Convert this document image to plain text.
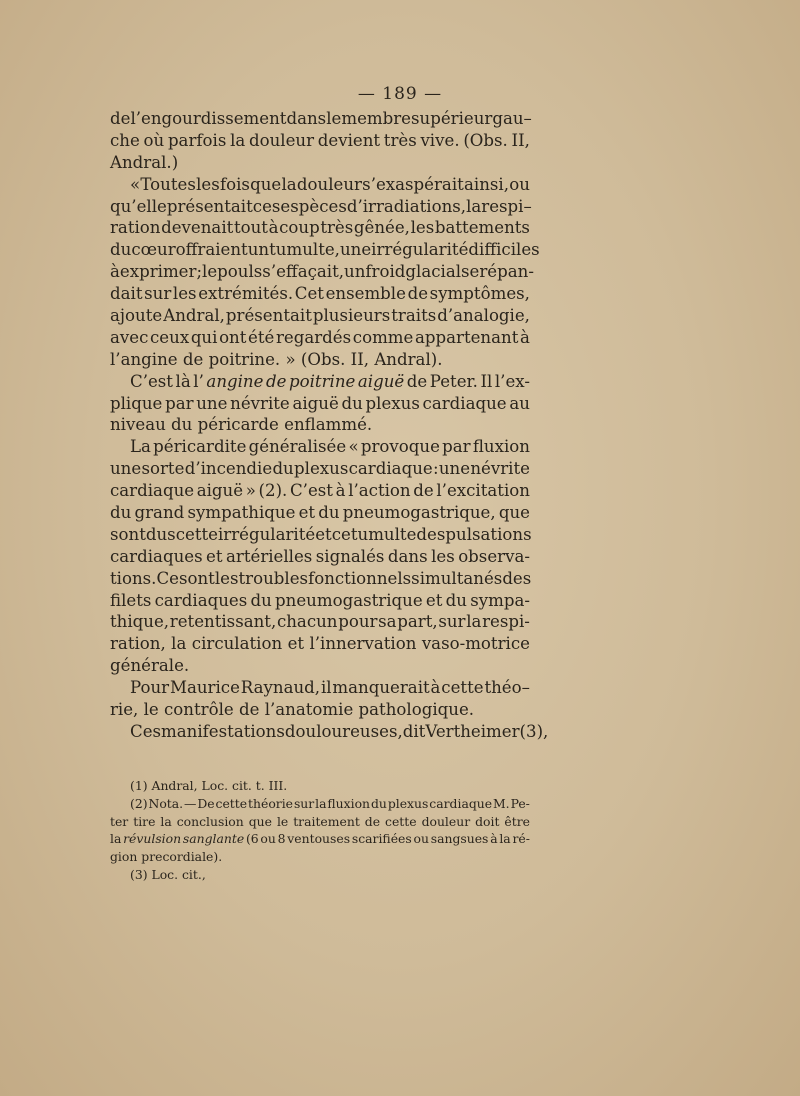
— 189 —
de l’engourdissement dans le membre supérieur gau–
che où parfois la douleur devient très vive. (Obs. II,
Andral.)
« Toutes les fois que la douleur s’exaspérait ainsi, ou
qu’elle présentait ces espèces d’irradiations, la respi–
ration devenait tout à coup très gênée, les battements
du cœur offraient un tumulte, une irrégularité difficiles
à exprimer ; le pouls s’effaçait, un froid glacial se répan-
dait sur les extrémités. Cet ensemble de symptômes,
ajoute Andral, présentait plusieurs traits d’analogie,
avec ceux qui ont été regardés comme appartenant à
l’angine de poitrine. » (Obs. II, Andral).
C’est là l’ angine de poitrine aiguë de Peter. Il l’ex-
plique par une névrite aiguë du plexus cardiaque au
niveau du péricarde enflammé.
La péricardite généralisée « provoque par fluxion
une sorte d’incendie du plexus cardiaque : une névrite
cardiaque aiguë » (2). C’est à l’action de l’excitation
du grand sympathique et du pneumogastrique, que
sont dus cette irrégularité et ce tumulte des pulsations
cardiaques et artérielles signalés dans les observa-
tions. Ce sont les troubles fonctionnels simultanés des
filets cardiaques du pneumogastrique et du sympa-
thique, retentissant, chacun pour sa part, sur la respi-
ration, la circulation et l’innervation vaso-motrice
générale.
Pour Maurice Raynaud, il manquerait à cette théo–
rie, le contrôle de l’anatomie pathologique.
Ces manifestations douloureuses, dit Vertheimer(3),
(1) Andral, Loc. cit. t. III.
(2) Nota. — De cette théorie sur la fluxion du plexus cardiaque M. Pe-
ter tire la conclusion que le traitement de cette douleur doit être
la révulsion sanglante (6 ou 8 ventouses scarifiées ou sangsues à la ré-
gion precordiale).
(3) Loc. cit.,
